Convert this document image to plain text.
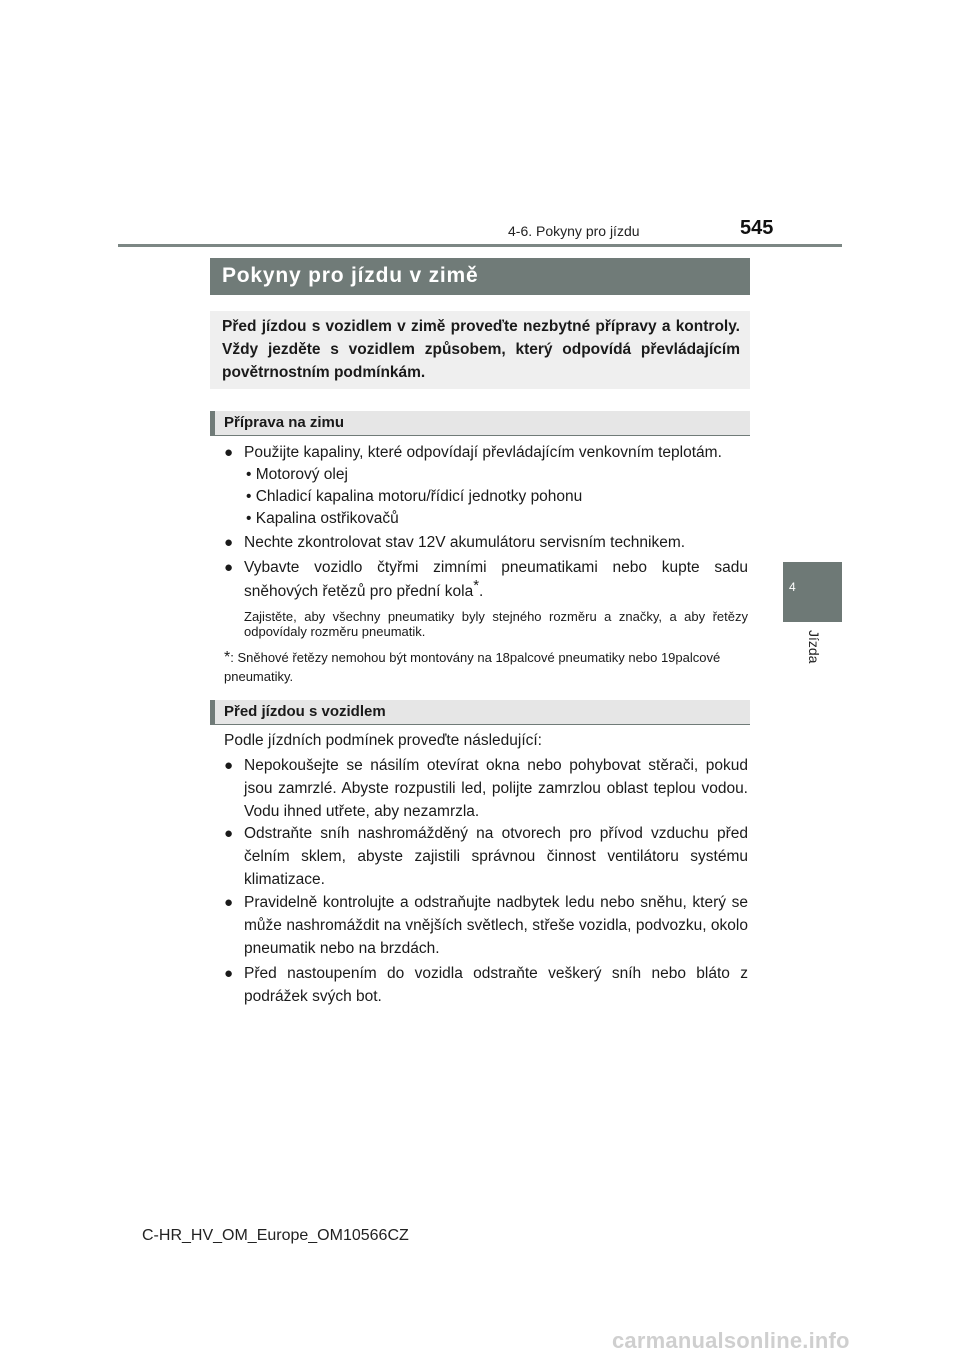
4-6. Pokyny pro jízdu	545
4
Jízda
Pokyny pro jízdu v zimě
Před jízdou s vozidlem v zimě proveďte nezbytné přípravy a kontroly. Vždy jezděte s vozidlem způsobem, který odpovídá převládajícím povětrnostním podmínkám.
Příprava na zimu
● Použijte kapaliny, které odpovídají převládajícím venkovním teplotám.
• Motorový olej
• Chladicí kapalina motoru/řídicí jednotky pohonu
• Kapalina ostřikovačů
● Nechte zkontrolovat stav 12V akumulátoru servisním technikem.
● Vybavte vozidlo čtyřmi zimními pneumatikami nebo kupte sadu sněhových řetězů pro přední kola*.
Zajistěte, aby všechny pneumatiky byly stejného rozměru a značky, a aby řetězy odpovídaly rozměru pneumatik.
*: Sněhové řetězy nemohou být montovány na 18palcové pneumatiky nebo 19palcové pneumatiky.
Před jízdou s vozidlem
Podle jízdních podmínek proveďte následující:
● Nepokoušejte se násilím otevírat okna nebo pohybovat stěrači, pokud jsou zamrzlé. Abyste rozpustili led, polijte zamrzlou oblast teplou vodou. Vodu ihned utřete, aby nezamrzla.
● Odstraňte sníh nashromážděný na otvorech pro přívod vzduchu před čelním sklem, abyste zajistili správnou činnost ventilátoru systému klimatizace.
● Pravidelně kontrolujte a odstraňujte nadbytek ledu nebo sněhu, který se může nashromáždit na vnějších světlech, střeše vozidla, podvozku, okolo pneumatik nebo na brzdách.
● Před nastoupením do vozidla odstraňte veškerý sníh nebo bláto z podrážek svých bot.
C-HR_HV_OM_Europe_OM10566CZ
carmanualsonline.info
